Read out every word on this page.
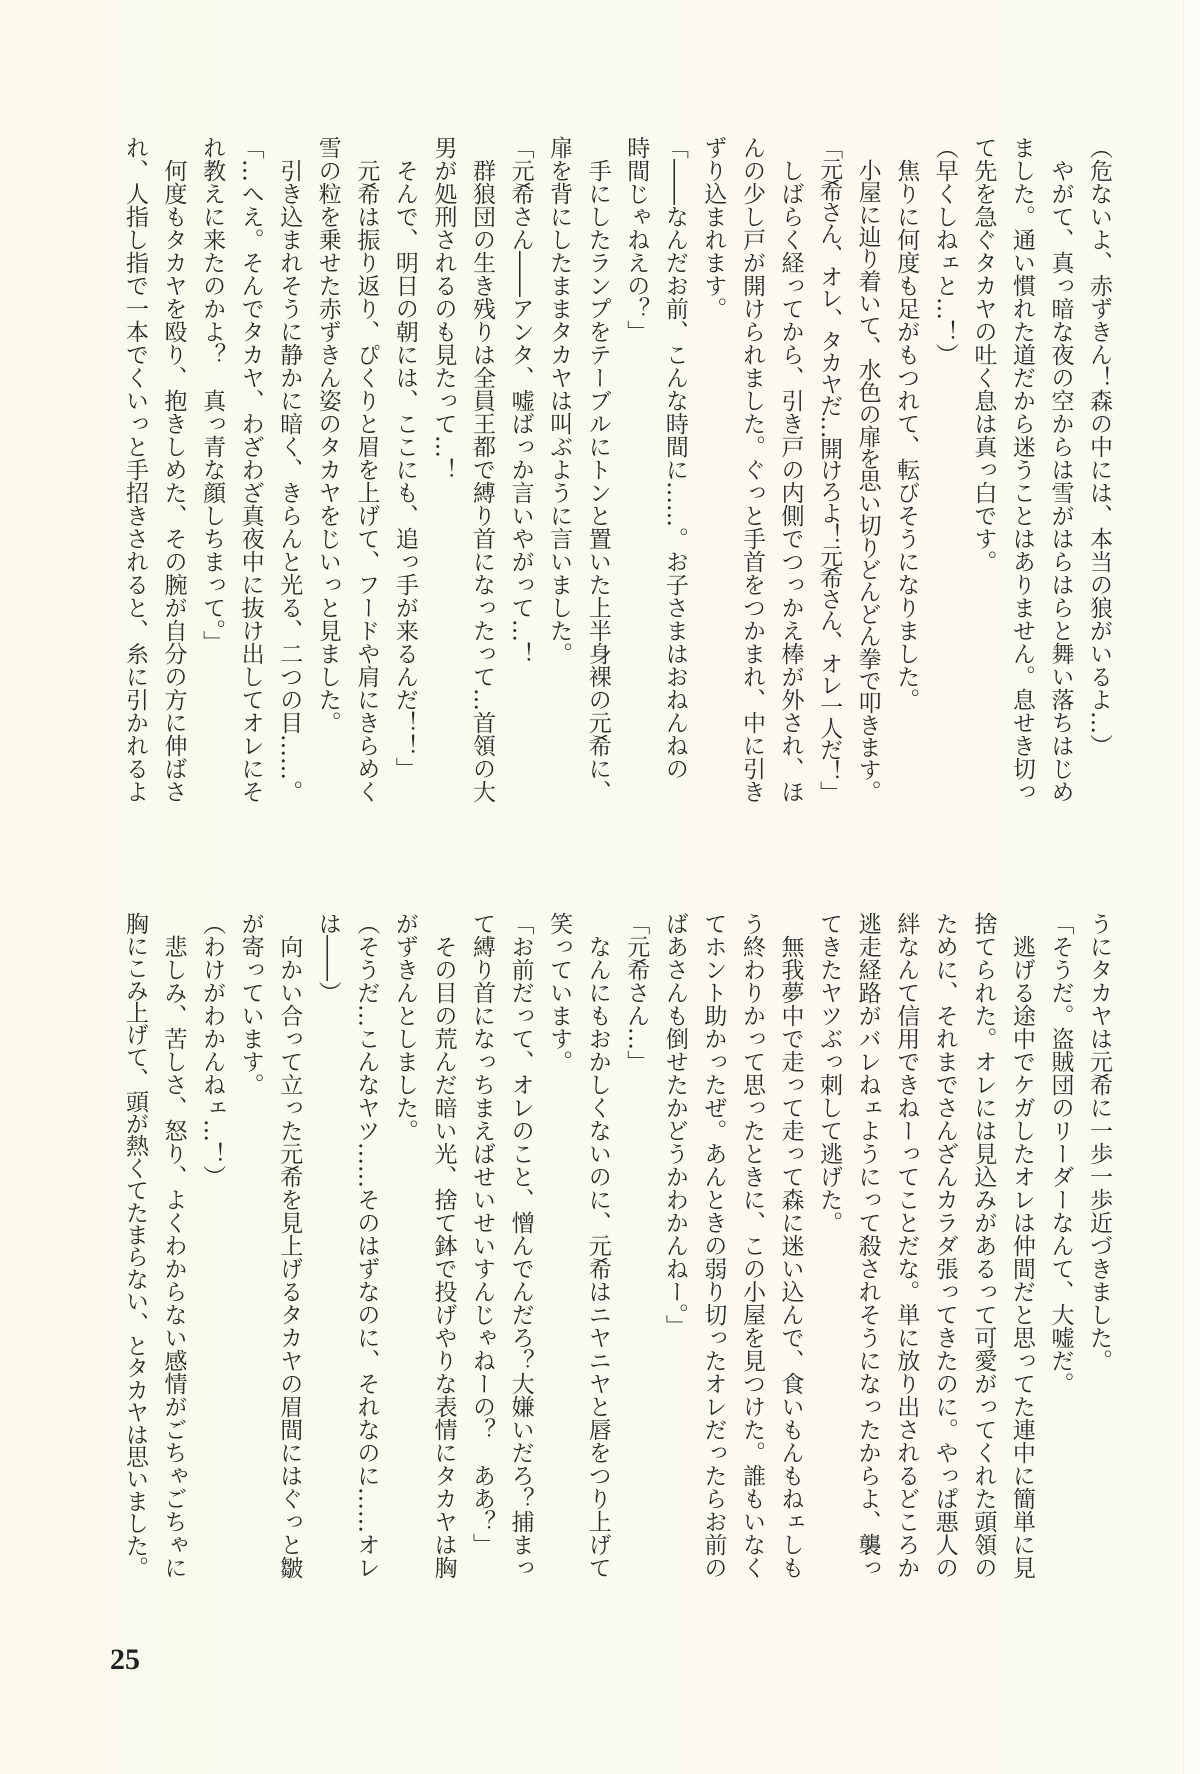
（危ないよ、赤ずきん！森の中には、本当の狼がいるよ…）
　やがて、真っ暗な夜の空からは雪がはらはらと舞い落ちはじめ
ました。通い慣れた道だから迷うことはありません。息せき切っ
て先を急ぐタカヤの吐く息は真っ白です。
（早くしねェと…！）
　焦りに何度も足がもつれて、転びそうになりました。
　小屋に辿り着いて、水色の扉を思い切りどんどん拳で叩きます。
「元希さん、オレ、タカヤだ…開けろよ！元希さん、オレ一人だ！」
　しばらく経ってから、引き戸の内側でつっかえ棒が外され、ほ
んの少し戸が開けられました。ぐっと手首をつかまれ、中に引き
ずり込まれます。
「――なんだお前、こんな時間に……。お子さまはおねんねの
時間じゃねえの？」
　手にしたランプをテーブルにトンと置いた上半身裸の元希に、
扉を背にしたままタカヤは叫ぶように言いました。
「元希さん――アンタ、嘘ばっか言いやがって…！
　群狼団の生き残りは全員王都で縛り首になったって…首領の大
男が処刑されるのも見たって…！
　そんで、明日の朝には、ここにも、追っ手が来るんだ！！」
　元希は振り返り、ぴくりと眉を上げて、フードや肩にきらめく
雪の粒を乗せた赤ずきん姿のタカヤをじいっと見ました。
　引き込まれそうに静かに暗く、きらんと光る、二つの目……。
「…へえ。そんでタカヤ、わざわざ真夜中に抜け出してオレにそ
れ教えに来たのかよ？　真っ青な顔しちまって。」
　何度もタカヤを殴り、抱きしめた、その腕が自分の方に伸ばさ
れ、人指し指で一本でくいっと手招きされると、糸に引かれるよ
うにタカヤは元希に一歩一歩近づきました。
「そうだ。盗賊団のリーダーなんて、大嘘だ。
　逃げる途中でケガしたオレは仲間だと思ってた連中に簡単に見
捨てられた。オレには見込みがあるって可愛がってくれた頭領の
ために、それまでさんざんカラダ張ってきたのに。やっぱ悪人の
絆なんて信用できねーってことだな。単に放り出されるどころか
逃走経路がバレねェようにって殺されそうになったからよ、襲っ
てきたヤツぶっ刺して逃げた。
　無我夢中で走って走って森に迷い込んで、食いもんもねェしも
う終わりかって思ったときに、この小屋を見つけた。誰もいなく
てホント助かったぜ。あんときの弱り切ったオレだったらお前の
ばあさんも倒せたかどうかわかんねー。」
「元希さん…」
　なんにもおかしくないのに、元希はニヤニヤと唇をつり上げて
笑っています。
「お前だって、オレのこと、憎んでんだろ？大嫌いだろ？捕まっ
て縛り首になっちまえばせいせいすんじゃねーの？　ああ？」
　その目の荒んだ暗い光、捨て鉢で投げやりな表情にタカヤは胸
がずきんとしました。
（そうだ…こんなヤツ……そのはずなのに、それなのに……オレ
は――）
　向かい合って立った元希を見上げるタカヤの眉間にはぐっと皺
が寄っています。
（わけがわかんねェ…！）
　悲しみ、苦しさ、怒り、よくわからない感情がごちゃごちゃに
胸にこみ上げて、頭が熱くてたまらない、とタカヤは思いました。
25
